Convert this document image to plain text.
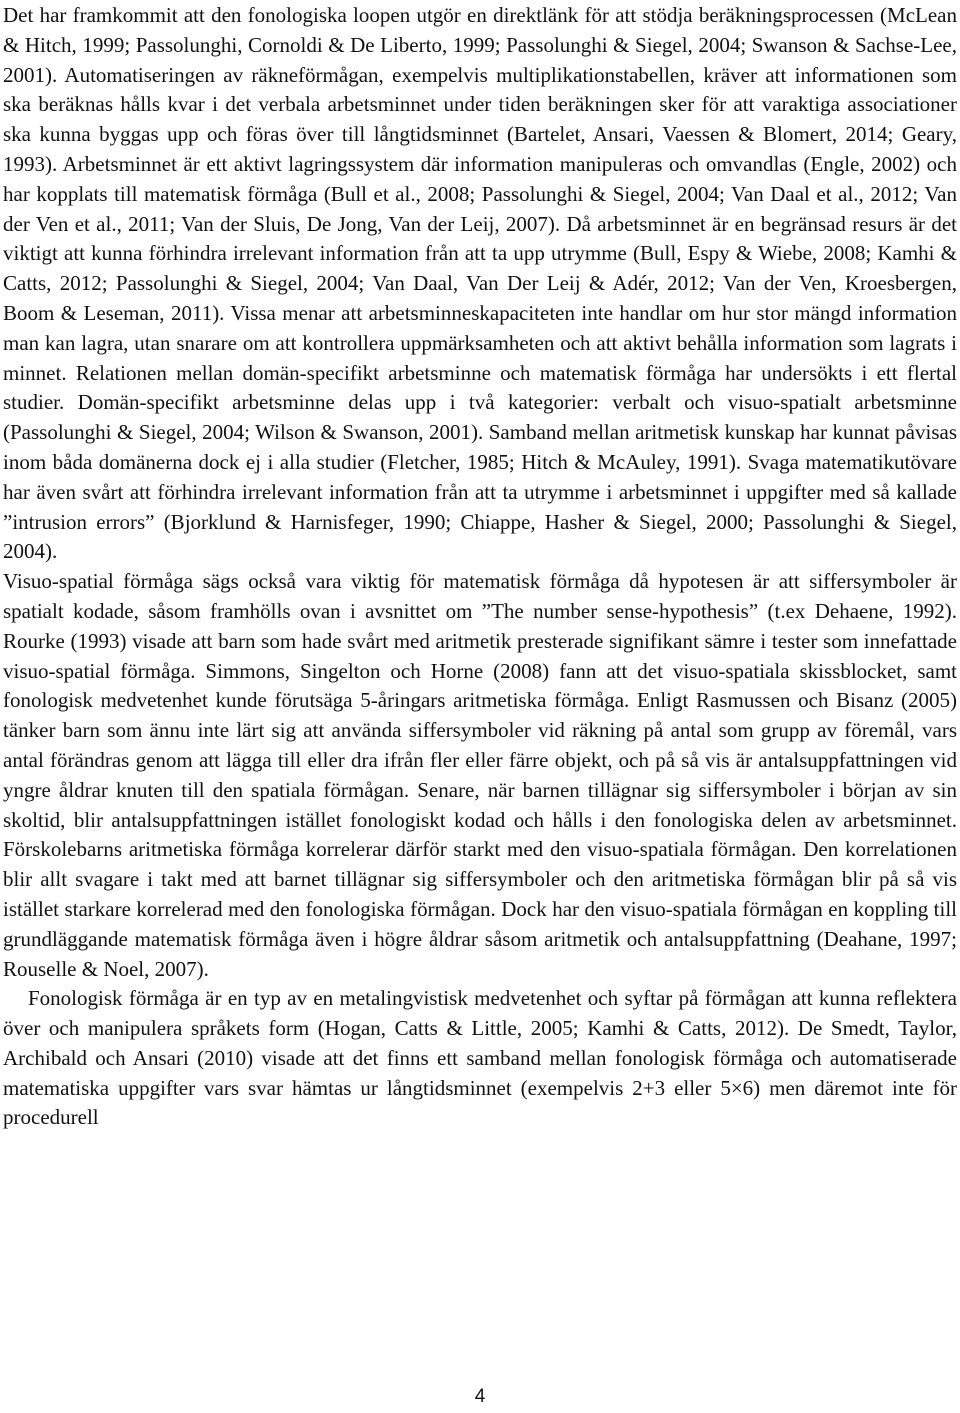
Det har framkommit att den fonologiska loopen utgör en direktlänk för att stödja beräkningsprocessen (McLean & Hitch, 1999; Passolunghi, Cornoldi & De Liberto, 1999; Passolunghi & Siegel, 2004; Swanson & Sachse-Lee, 2001). Automatiseringen av räkneförmågan, exempelvis multiplikationstabellen, kräver att informationen som ska beräknas hålls kvar i det verbala arbetsminnet under tiden beräkningen sker för att varaktiga associationer ska kunna byggas upp och föras över till långtidsminnet (Bartelet, Ansari, Vaessen & Blomert, 2014; Geary, 1993). Arbetsminnet är ett aktivt lagringssystem där information manipuleras och omvandlas (Engle, 2002) och har kopplats till matematisk förmåga (Bull et al., 2008; Passolunghi & Siegel, 2004; Van Daal et al., 2012; Van der Ven et al., 2011; Van der Sluis, De Jong, Van der Leij, 2007). Då arbetsminnet är en begränsad resurs är det viktigt att kunna förhindra irrelevant information från att ta upp utrymme (Bull, Espy & Wiebe, 2008; Kamhi & Catts, 2012; Passolunghi & Siegel, 2004; Van Daal, Van Der Leij & Adér, 2012; Van der Ven, Kroesbergen, Boom & Leseman, 2011). Vissa menar att arbetsminneskapaciteten inte handlar om hur stor mängd information man kan lagra, utan snarare om att kontrollera uppmärksamheten och att aktivt behålla information som lagrats i minnet. Relationen mellan domän-specifikt arbetsminne och matematisk förmåga har undersökts i ett flertal studier. Domän-specifikt arbetsminne delas upp i två kategorier: verbalt och visuo-spatialt arbetsminne (Passolunghi & Siegel, 2004; Wilson & Swanson, 2001). Samband mellan aritmetisk kunskap har kunnat påvisas inom båda domänerna dock ej i alla studier (Fletcher, 1985; Hitch & McAuley, 1991). Svaga matematikutövare har även svårt att förhindra irrelevant information från att ta utrymme i arbetsminnet i uppgifter med så kallade ”intrusion errors” (Bjorklund & Harnisfeger, 1990; Chiappe, Hasher & Siegel, 2000; Passolunghi & Siegel, 2004).

Visuo-spatial förmåga sägs också vara viktig för matematisk förmåga då hypotesen är att siffersymboler är spatialt kodade, såsom framhölls ovan i avsnittet om ”The number sense-hypothesis” (t.ex Dehaene, 1992). Rourke (1993) visade att barn som hade svårt med aritmetik presterade signifikant sämre i tester som innefattade visuo-spatial förmåga. Simmons, Singelton och Horne (2008) fann att det visuo-spatiala skissblocket, samt fonologisk medvetenhet kunde förutsäga 5-åringars aritmetiska förmåga. Enligt Rasmussen och Bisanz (2005) tänker barn som ännu inte lärt sig att använda siffersymboler vid räkning på antal som grupp av föremål, vars antal förändras genom att lägga till eller dra ifrån fler eller färre objekt, och på så vis är antalsuppfattningen vid yngre åldrar knuten till den spatiala förmågan. Senare, när barnen tillägnar sig siffersymboler i början av sin skoltid, blir antalsuppfattningen istället fonologiskt kodad och hålls i den fonologiska delen av arbetsminnet. Förskolebarns aritmetiska förmåga korrelerar därför starkt med den visuo-spatiala förmågan. Den korrelationen blir allt svagare i takt med att barnet tillägnar sig siffersymboler och den aritmetiska förmågan blir på så vis istället starkare korrelerad med den fonologiska förmågan. Dock har den visuo-spatiala förmågan en koppling till grundläggande matematisk förmåga även i högre åldrar såsom aritmetik och antalsuppfattning (Deahane, 1997; Rouselle & Noel, 2007).

Fonologisk förmåga är en typ av en metalingvistisk medvetenhet och syftar på förmågan att kunna reflektera över och manipulera språkets form (Hogan, Catts & Little, 2005; Kamhi & Catts, 2012). De Smedt, Taylor, Archibald och Ansari (2010) visade att det finns ett samband mellan fonologisk förmåga och automatiserade matematiska uppgifter vars svar hämtas ur långtidsminnet (exempelvis 2+3 eller 5×6) men däremot inte för procedurell

4
